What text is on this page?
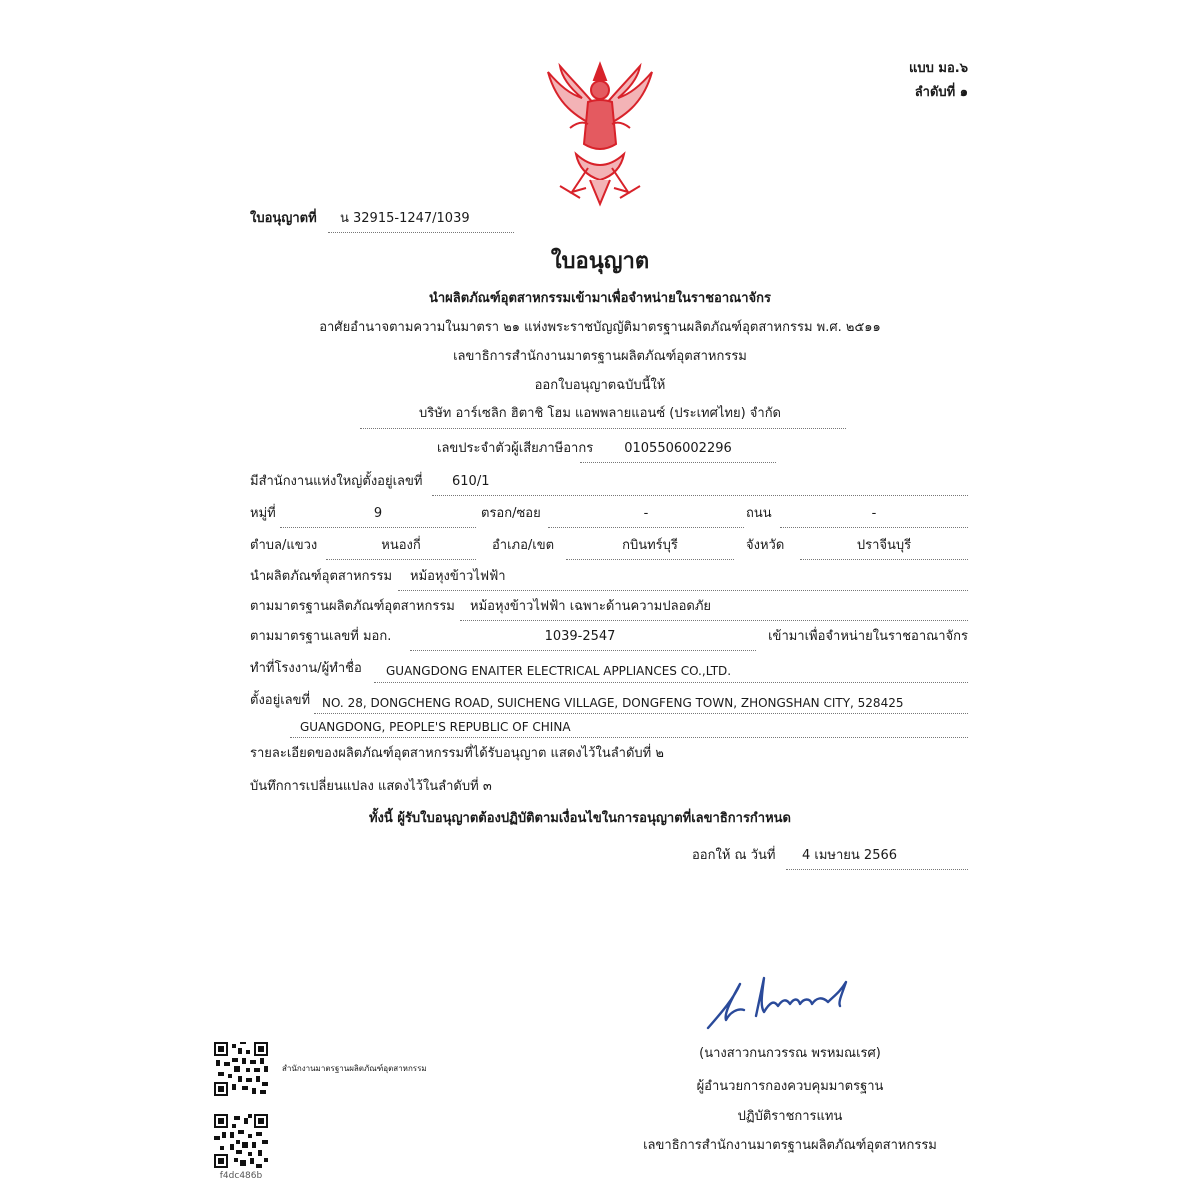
แบบ มอ.๖
ลำดับที่ ๑
ใบอนุญาตที่ น 32915-1247/1039
ใบอนุญาต
นำผลิตภัณฑ์อุตสาหกรรมเข้ามาเพื่อจำหน่ายในราชอาณาจักร
อาศัยอำนาจตามความในมาตรา ๒๑ แห่งพระราชบัญญัติมาตรฐานผลิตภัณฑ์อุตสาหกรรม พ.ศ. ๒๕๑๑
เลขาธิการสำนักงานมาตรฐานผลิตภัณฑ์อุตสาหกรรม
ออกใบอนุญาตฉบับนี้ให้
บริษัท อาร์เซลิก ฮิตาชิ โฮม แอพพลายแอนซ์ (ประเทศไทย) จำกัด
เลขประจำตัวผู้เสียภาษีอากร	0105506002296
มีสำนักงานแห่งใหญ่ตั้งอยู่เลขที่ 610/1
หมู่ที่	9	ตรอก/ซอย	-	ถนน	-
ตำบล/แขวง	หนองกี่	อำเภอ/เขต	กบินทร์บุรี	จังหวัด	ปราจีนบุรี
นำผลิตภัณฑ์อุตสาหกรรม หม้อหุงข้าวไฟฟ้า
ตามมาตรฐานผลิตภัณฑ์อุตสาหกรรม หม้อหุงข้าวไฟฟ้า เฉพาะด้านความปลอดภัย
ตามมาตรฐานเลขที่ มอก.	1039-2547	เข้ามาเพื่อจำหน่ายในราชอาณาจักร
ทำที่โรงงาน/ผู้ทำชื่อ GUANGDONG ENAITER ELECTRICAL APPLIANCES CO.,LTD.
ตั้งอยู่เลขที่ NO. 28, DONGCHENG ROAD, SUICHENG VILLAGE, DONGFENG TOWN, ZHONGSHAN CITY, 528425
GUANGDONG, PEOPLE'S REPUBLIC OF CHINA
รายละเอียดของผลิตภัณฑ์อุตสาหกรรมที่ได้รับอนุญาต แสดงไว้ในลำดับที่ ๒
บันทึกการเปลี่ยนแปลง แสดงไว้ในลำดับที่ ๓
ทั้งนี้ ผู้รับใบอนุญาตต้องปฏิบัติตามเงื่อนไขในการอนุญาตที่เลขาธิการกำหนด
ออกให้ ณ วันที่ 4 เมษายน 2566
(นางสาวกนกวรรณ พรหมณเรศ)
ผู้อำนวยการกองควบคุมมาตรฐาน
ปฏิบัติราชการแทน
เลขาธิการสำนักงานมาตรฐานผลิตภัณฑ์อุตสาหกรรม
สำนักงานมาตรฐานผลิตภัณฑ์อุตสาหกรรม
f4dc486b
